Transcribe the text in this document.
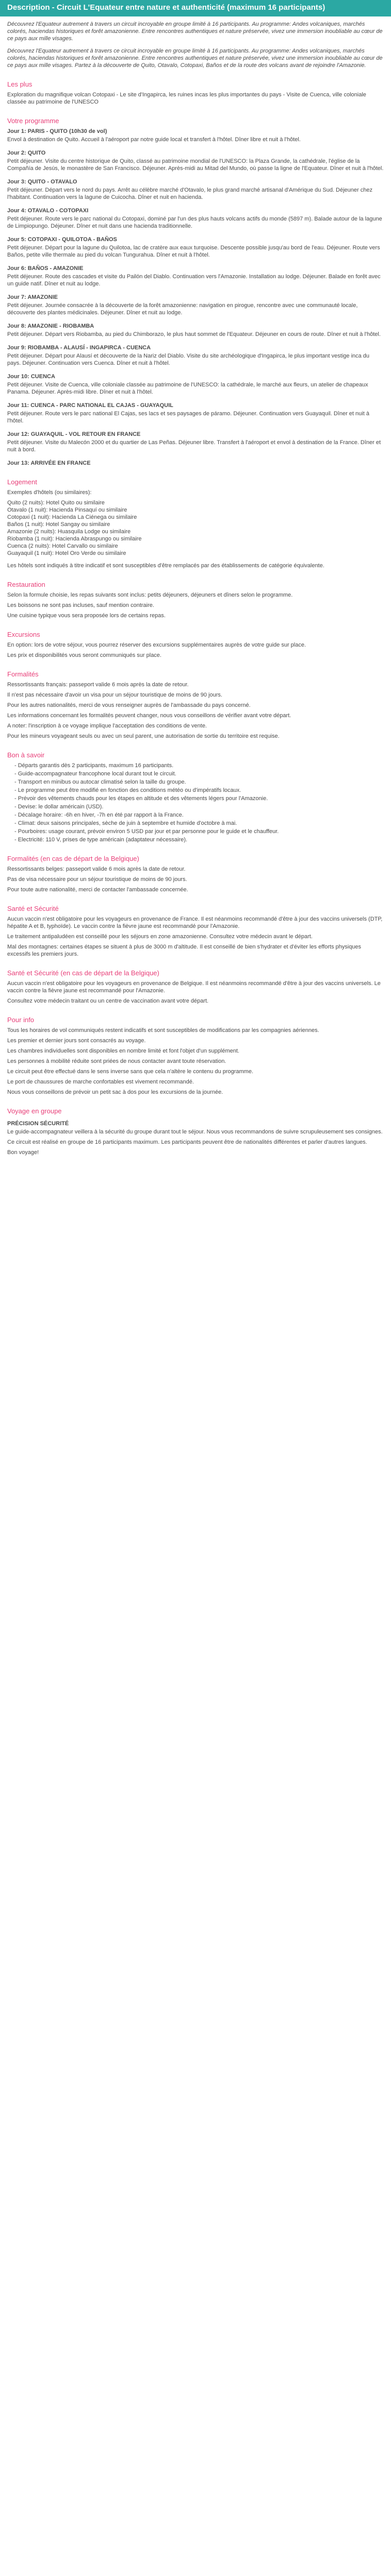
Description - Circuit L'Equateur entre nature et authenticité (maximum 16 participants)

Découvrez l'Equateur autrement à travers un circuit incroyable en groupe limité à 16 participants. Au programme: Andes volcaniques, marchés colorés, haciendas historiques et forêt amazonienne. Entre rencontres authentiques et nature préservée, vivez une immersion inoubliable au cœur de ce pays aux mille visages.

Découvrez l'Equateur autrement à travers ce circuit incroyable en groupe limité à 16 participants. Au programme: Andes volcaniques, marchés colorés, haciendas historiques et forêt amazonienne. Entre rencontres authentiques et nature préservée, vivez une immersion inoubliable au cœur de ce pays aux mille visages. Partez à la découverte de Quito, Otavalo, Cotopaxi, Baños et de la route des volcans avant de rejoindre l'Amazonie.

Les plus

Exploration du magnifique volcan Cotopaxi - Le site d'Ingapirca, les ruines incas les plus importantes du pays - Visite de Cuenca, ville coloniale classée au patrimoine de l'UNESCO

Votre programme

Jour 1: PARIS - QUITO (10h30 de vol)

Envol à destination de Quito. Accueil à l'aéroport par notre guide local et transfert à l'hôtel. Dîner libre et nuit à l'hôtel.

Jour 2: QUITO

Petit déjeuner. Visite du centre historique de Quito, classé au patrimoine mondial de l'UNESCO: la Plaza Grande, la cathédrale, l'église de la Compañía de Jesús, le monastère de San Francisco. Déjeuner. Après-midi au Mitad del Mundo, où passe la ligne de l'Equateur. Dîner et nuit à l'hôtel.

Jour 3: QUITO - OTAVALO

Petit déjeuner. Départ vers le nord du pays. Arrêt au célèbre marché d'Otavalo, le plus grand marché artisanal d'Amérique du Sud. Déjeuner chez l'habitant. Continuation vers la lagune de Cuicocha. Dîner et nuit en hacienda.

Jour 4: OTAVALO - COTOPAXI

Petit déjeuner. Route vers le parc national du Cotopaxi, dominé par l'un des plus hauts volcans actifs du monde (5897 m). Balade autour de la lagune de Limpiopungo. Déjeuner. Dîner et nuit dans une hacienda traditionnelle.

Jour 5: COTOPAXI - QUILOTOA - BAÑOS

Petit déjeuner. Départ pour la lagune du Quilotoa, lac de cratère aux eaux turquoise. Descente possible jusqu'au bord de l'eau. Déjeuner. Route vers Baños, petite ville thermale au pied du volcan Tungurahua. Dîner et nuit à l'hôtel.

Jour 6: BAÑOS - AMAZONIE

Petit déjeuner. Route des cascades et visite du Pailón del Diablo. Continuation vers l'Amazonie. Installation au lodge. Déjeuner. Balade en forêt avec un guide natif. Dîner et nuit au lodge.

Jour 7: AMAZONIE

Petit déjeuner. Journée consacrée à la découverte de la forêt amazonienne: navigation en pirogue, rencontre avec une communauté locale, découverte des plantes médicinales. Déjeuner. Dîner et nuit au lodge.

Jour 8: AMAZONIE - RIOBAMBA

Petit déjeuner. Départ vers Riobamba, au pied du Chimborazo, le plus haut sommet de l'Equateur. Déjeuner en cours de route. Dîner et nuit à l'hôtel.

Jour 9: RIOBAMBA - ALAUSÍ - INGAPIRCA - CUENCA

Petit déjeuner. Départ pour Alausí et découverte de la Nariz del Diablo. Visite du site archéologique d'Ingapirca, le plus important vestige inca du pays. Déjeuner. Continuation vers Cuenca. Dîner et nuit à l'hôtel.

Jour 10: CUENCA

Petit déjeuner. Visite de Cuenca, ville coloniale classée au patrimoine de l'UNESCO: la cathédrale, le marché aux fleurs, un atelier de chapeaux Panama. Déjeuner. Après-midi libre. Dîner et nuit à l'hôtel.

Jour 11: CUENCA - PARC NATIONAL EL CAJAS - GUAYAQUIL

Petit déjeuner. Route vers le parc national El Cajas, ses lacs et ses paysages de páramo. Déjeuner. Continuation vers Guayaquil. Dîner et nuit à l'hôtel.

Jour 12: GUAYAQUIL - VOL RETOUR EN FRANCE

Petit déjeuner. Visite du Malecón 2000 et du quartier de Las Peñas. Déjeuner libre. Transfert à l'aéroport et envol à destination de la France. Dîner et nuit à bord.

Jour 13: ARRIVÉE EN FRANCE

Logement

Exemples d'hôtels (ou similaires):

Quito (2 nuits): Hotel Quito ou similaire

Otavalo (1 nuit): Hacienda Pinsaquí ou similaire

Cotopaxi (1 nuit): Hacienda La Ciénega ou similaire

Baños (1 nuit): Hotel Sangay ou similaire

Amazonie (2 nuits): Huasquila Lodge ou similaire

Riobamba (1 nuit): Hacienda Abraspungo ou similaire

Cuenca (2 nuits): Hotel Carvallo ou similaire

Guayaquil (1 nuit): Hotel Oro Verde ou similaire

Les hôtels sont indiqués à titre indicatif et sont susceptibles d'être remplacés par des établissements de catégorie équivalente.

Restauration

Selon la formule choisie, les repas suivants sont inclus: petits déjeuners, déjeuners et dîners selon le programme.

Les boissons ne sont pas incluses, sauf mention contraire.

Une cuisine typique vous sera proposée lors de certains repas.

Excursions

En option: lors de votre séjour, vous pourrez réserver des excursions supplémentaires auprès de votre guide sur place.

Les prix et disponibilités vous seront communiqués sur place.

Formalités

Ressortissants français: passeport valide 6 mois après la date de retour.

Il n'est pas nécessaire d'avoir un visa pour un séjour touristique de moins de 90 jours.

Pour les autres nationalités, merci de vous renseigner auprès de l'ambassade du pays concerné.

Les informations concernant les formalités peuvent changer, nous vous conseillons de vérifier avant votre départ.

A noter: l'inscription à ce voyage implique l'acceptation des conditions de vente.

Pour les mineurs voyageant seuls ou avec un seul parent, une autorisation de sortie du territoire est requise.

Bon à savoir
- Départs garantis dès 2 participants, maximum 16 participants.
- Guide-accompagnateur francophone local durant tout le circuit.
- Transport en minibus ou autocar climatisé selon la taille du groupe.
- Le programme peut être modifié en fonction des conditions météo ou d'impératifs locaux.
- Prévoir des vêtements chauds pour les étapes en altitude et des vêtements légers pour l'Amazonie.
- Devise: le dollar américain (USD).
- Décalage horaire: -6h en hiver, -7h en été par rapport à la France.
- Climat: deux saisons principales, sèche de juin à septembre et humide d'octobre à mai.
- Pourboires: usage courant, prévoir environ 5 USD par jour et par personne pour le guide et le chauffeur.
- Electricité: 110 V, prises de type américain (adaptateur nécessaire).
Formalités (en cas de départ de la Belgique)

Ressortissants belges: passeport valide 6 mois après la date de retour.

Pas de visa nécessaire pour un séjour touristique de moins de 90 jours.

Pour toute autre nationalité, merci de contacter l'ambassade concernée.

Santé et Sécurité

Aucun vaccin n'est obligatoire pour les voyageurs en provenance de France. Il est néanmoins recommandé d'être à jour des vaccins universels (DTP, hépatite A et B, typhoïde). Le vaccin contre la fièvre jaune est recommandé pour l'Amazonie.

Le traitement antipaludéen est conseillé pour les séjours en zone amazonienne. Consultez votre médecin avant le départ.

Mal des montagnes: certaines étapes se situent à plus de 3000 m d'altitude. Il est conseillé de bien s'hydrater et d'éviter les efforts physiques excessifs les premiers jours.

Santé et Sécurité (en cas de départ de la Belgique)

Aucun vaccin n'est obligatoire pour les voyageurs en provenance de Belgique. Il est néanmoins recommandé d'être à jour des vaccins universels. Le vaccin contre la fièvre jaune est recommandé pour l'Amazonie.

Consultez votre médecin traitant ou un centre de vaccination avant votre départ.

Pour info

Tous les horaires de vol communiqués restent indicatifs et sont susceptibles de modifications par les compagnies aériennes.

Les premier et dernier jours sont consacrés au voyage.

Les chambres individuelles sont disponibles en nombre limité et font l'objet d'un supplément.

Les personnes à mobilité réduite sont priées de nous contacter avant toute réservation.

Le circuit peut être effectué dans le sens inverse sans que cela n'altère le contenu du programme.

Le port de chaussures de marche confortables est vivement recommandé.

Nous vous conseillons de prévoir un petit sac à dos pour les excursions de la journée.

Voyage en groupe

PRÉCISION SÉCURITÉ

Le guide-accompagnateur veillera à la sécurité du groupe durant tout le séjour. Nous vous recommandons de suivre scrupuleusement ses consignes.

Ce circuit est réalisé en groupe de 16 participants maximum. Les participants peuvent être de nationalités différentes et parler d'autres langues.

Bon voyage!
